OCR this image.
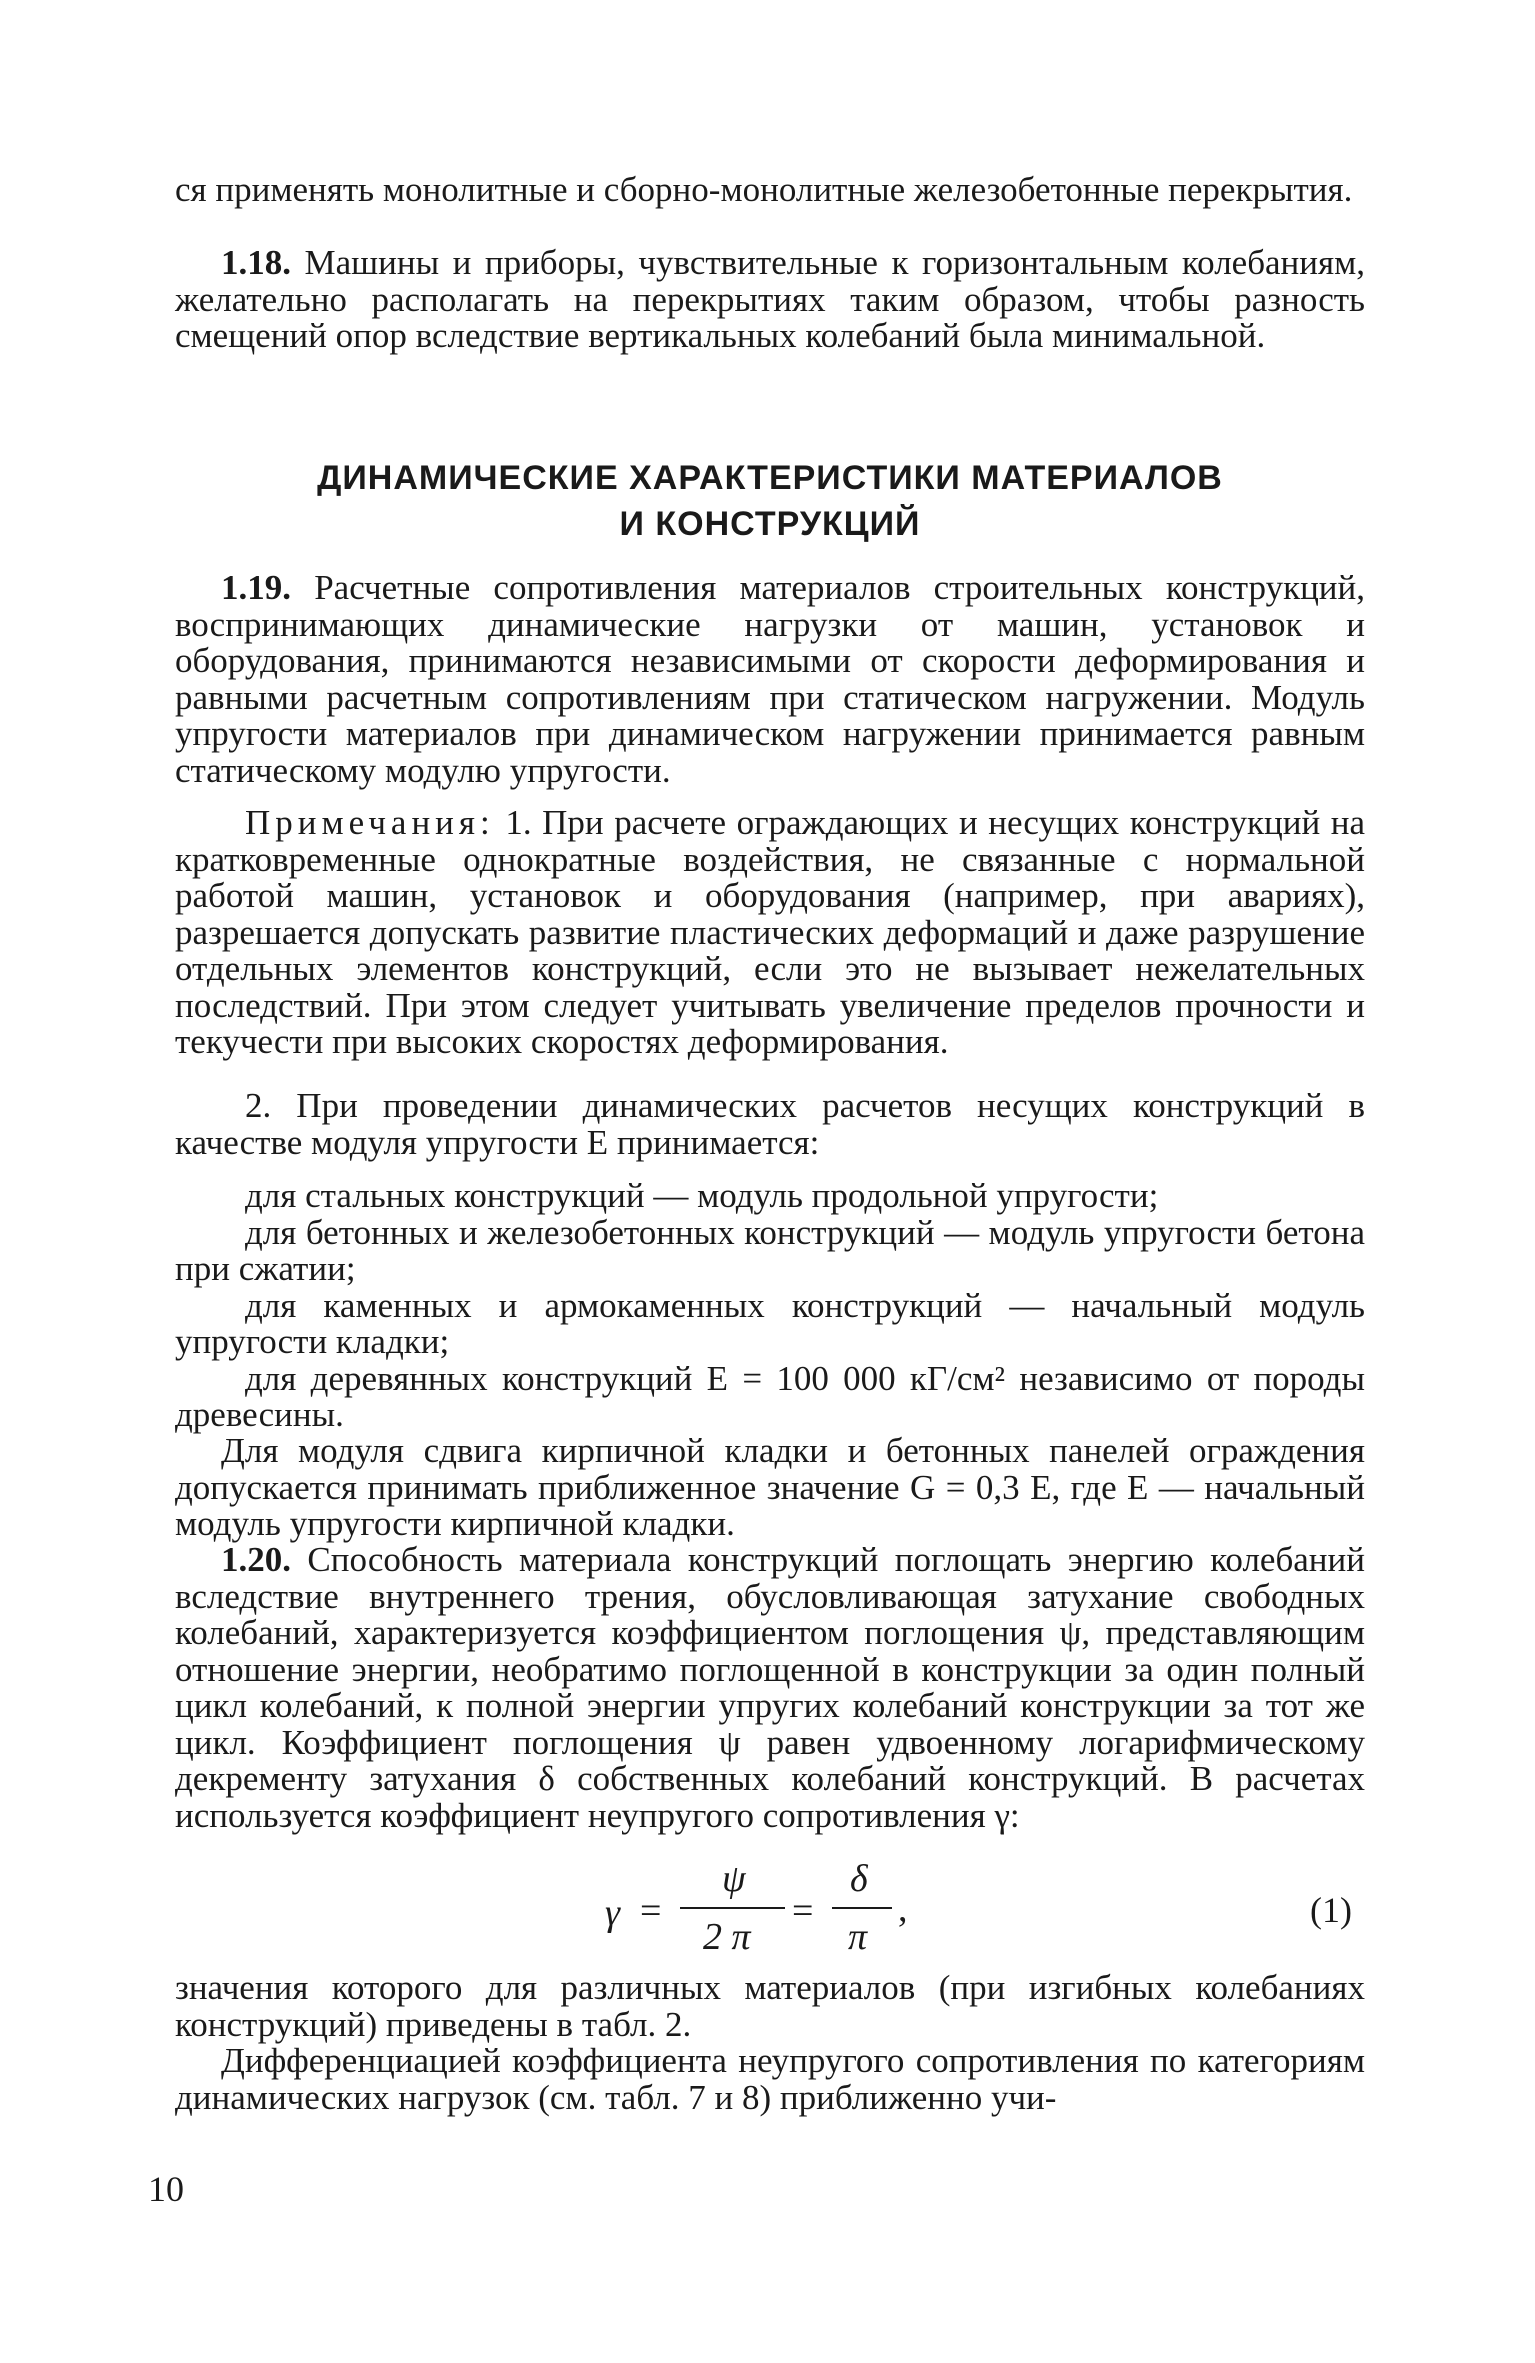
ся применять монолитные и сборно-монолитные железобетонные перекрытия.
1.18. Машины и приборы, чувствительные к горизонтальным колебаниям, желательно располагать на перекрытиях таким образом, чтобы разность смещений опор вследствие вертикальных колебаний была минимальной.
ДИНАМИЧЕСКИЕ ХАРАКТЕРИСТИКИ МАТЕРИАЛОВ
И КОНСТРУКЦИЙ
1.19. Расчетные сопротивления материалов строительных конструкций, воспринимающих динамические нагрузки от машин, установок и оборудования, принимаются независимыми от скорости деформирования и равными расчетным сопротивлениям при статическом нагружении. Модуль упругости материалов при динамическом нагружении принимается равным статическому модулю упругости.
Примечания: 1. При расчете ограждающих и несущих конструкций на кратковременные однократные воздействия, не связанные с нормальной работой машин, установок и оборудования (например, при авариях), разрешается допускать развитие пластических деформаций и даже разрушение отдельных элементов конструкций, если это не вызывает нежелательных последствий. При этом следует учитывать увеличение пределов прочности и текучести при высоких скоростях деформирования.
2. При проведении динамических расчетов несущих конструкций в качестве модуля упругости E принимается:

для стальных конструкций — модуль продольной упругости;

для бетонных и железобетонных конструкций — модуль упругости бетона при сжатии;

для каменных и армокаменных конструкций — начальный модуль упругости кладки;

для деревянных конструкций E = 100 000 кГ/см² независимо от породы древесины.

Для модуля сдвига кирпичной кладки и бетонных панелей ограждения допускается принимать приближенное значение G = 0,3 E, где E — начальный модуль упругости кирпичной кладки.
1.20. Способность материала конструкций поглощать энергию колебаний вследствие внутреннего трения, обусловливающая затухание свободных колебаний, характеризуется коэффициентом поглощения ψ, представляющим отношение энергии, необратимо поглощенной в конструкции за один полный цикл колебаний, к полной энергии упругих колебаний конструкции за тот же цикл. Коэффициент поглощения ψ равен удвоенному логарифмическому декременту затухания δ собственных колебаний конструкций. В расчетах используется коэффициент неупругого сопротивления γ:
γ =
ψ
2 π
=
δ
π
,	(1)
значения которого для различных материалов (при изгибных колебаниях конструкций) приведены в табл. 2.
Дифференциацией коэффициента неупругого сопротивления по категориям динамических нагрузок (см. табл. 7 и 8) приближенно учи-
10
